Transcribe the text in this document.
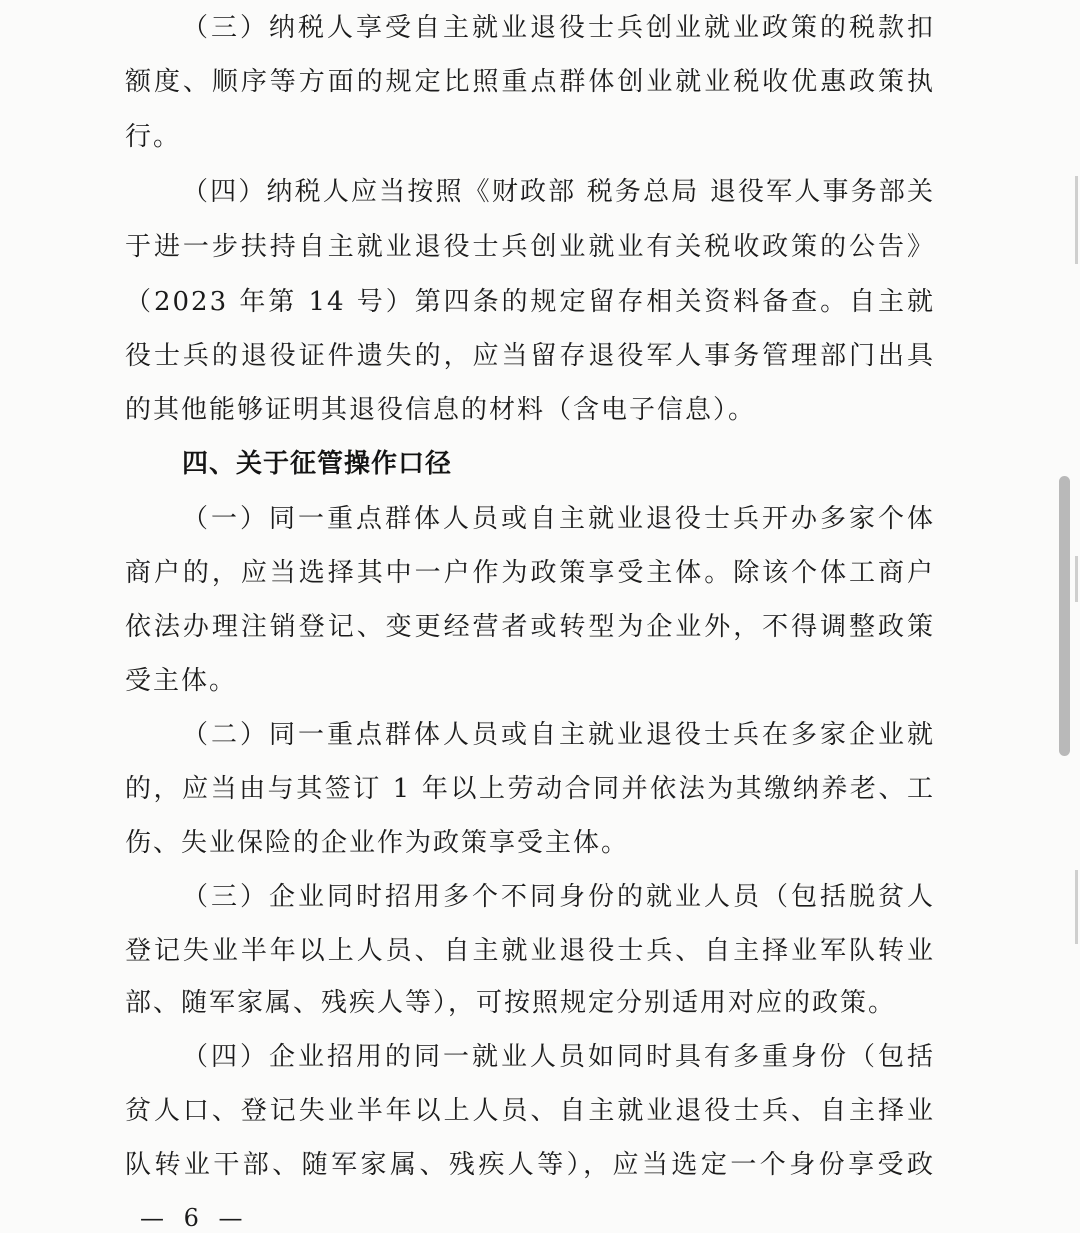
（三）纳税人享受自主就业退役士兵创业就业政策的税款扣
额度、顺序等方面的规定比照重点群体创业就业税收优惠政策执
行。
（四）纳税人应当按照《财政部 税务总局 退役军人事务部关
于进一步扶持自主就业退役士兵创业就业有关税收政策的公告》
（2023 年第 14 号）第四条的规定留存相关资料备查。自主就
役士兵的退役证件遗失的，应当留存退役军人事务管理部门出具
的其他能够证明其退役信息的材料（含电子信息）。
四、关于征管操作口径
（一）同一重点群体人员或自主就业退役士兵开办多家个体
商户的，应当选择其中一户作为政策享受主体。除该个体工商户
依法办理注销登记、变更经营者或转型为企业外，不得调整政策
受主体。
（二）同一重点群体人员或自主就业退役士兵在多家企业就
的，应当由与其签订 1 年以上劳动合同并依法为其缴纳养老、工
伤、失业保险的企业作为政策享受主体。
（三）企业同时招用多个不同身份的就业人员（包括脱贫人
登记失业半年以上人员、自主就业退役士兵、自主择业军队转业
部、随军家属、残疾人等），可按照规定分别适用对应的政策。
（四）企业招用的同一就业人员如同时具有多重身份（包括
贫人口、登记失业半年以上人员、自主就业退役士兵、自主择业
队转业干部、随军家属、残疾人等），应当选定一个身份享受政
— 6 —
